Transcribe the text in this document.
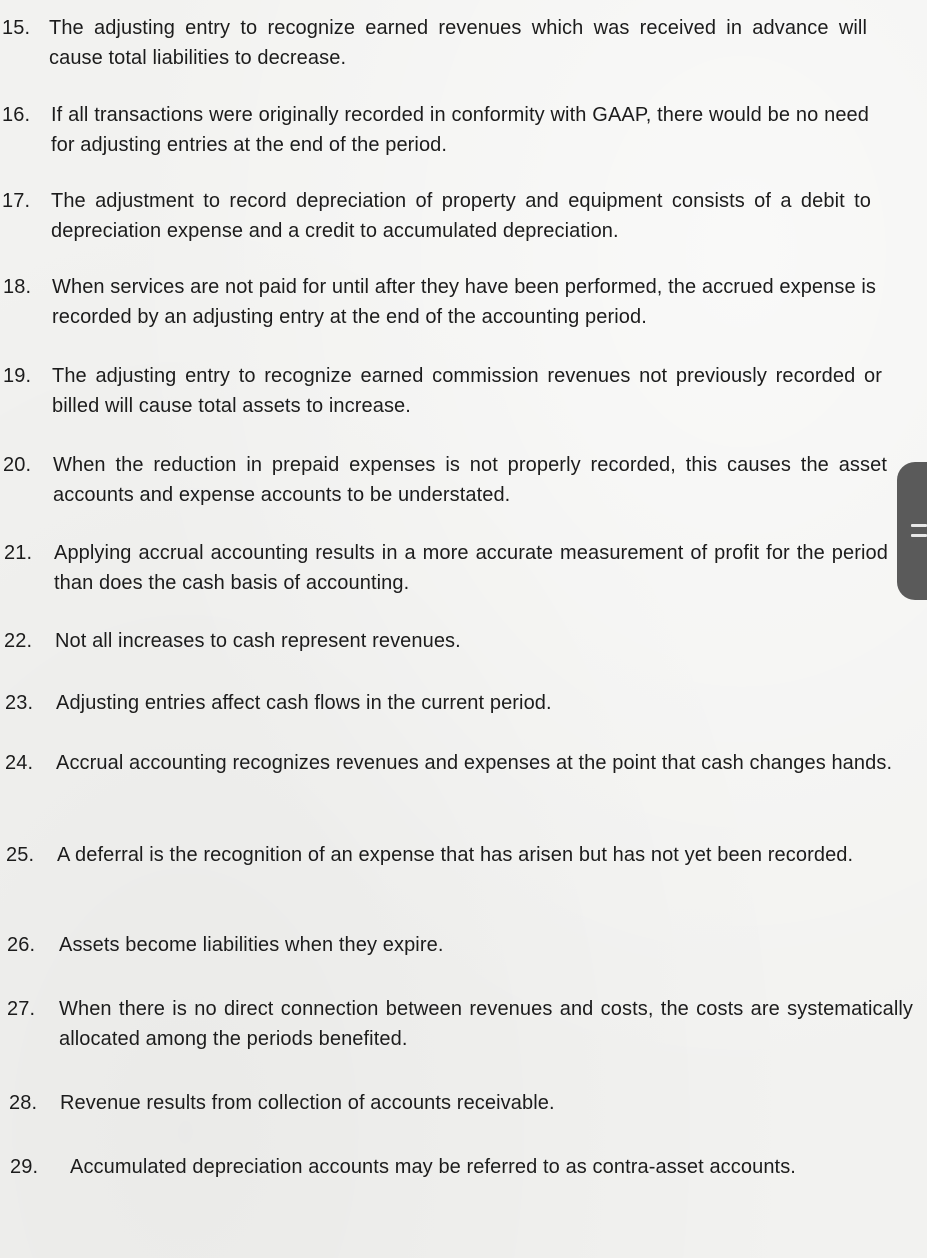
15. The adjusting entry to recognize earned revenues which was received in advance will cause total liabilities to decrease.
16.	If all transactions were originally recorded in conformity with GAAP, there would be no need for adjusting entries at the end of the period.
17.	The adjustment to record depreciation of property and equipment consists of a debit to depreciation expense and a credit to accumulated depreciation.
18.	When services are not paid for until after they have been performed, the accrued expense is recorded by an adjusting entry at the end of the accounting period.
19.	The adjusting entry to recognize earned commission revenues not previously recorded or billed will cause total assets to increase.
20.	When the reduction in prepaid expenses is not properly recorded, this causes the asset accounts and expense accounts to be understated.
21.	Applying accrual accounting results in a more accurate measurement of profit for the period than does the cash basis of accounting.
22.	Not all increases to cash represent revenues.
23.	Adjusting entries affect cash flows in the current period.
24.	Accrual accounting recognizes revenues and expenses at the point that cash changes hands.
25.	A deferral is the recognition of an expense that has arisen but has not yet been recorded.
26.	Assets become liabilities when they expire.
27.	When there is no direct connection between revenues and costs, the costs are systematically allocated among the periods benefited.
28.	Revenue results from collection of accounts receivable.
29.	Accumulated depreciation accounts may be referred to as contra-asset accounts.
